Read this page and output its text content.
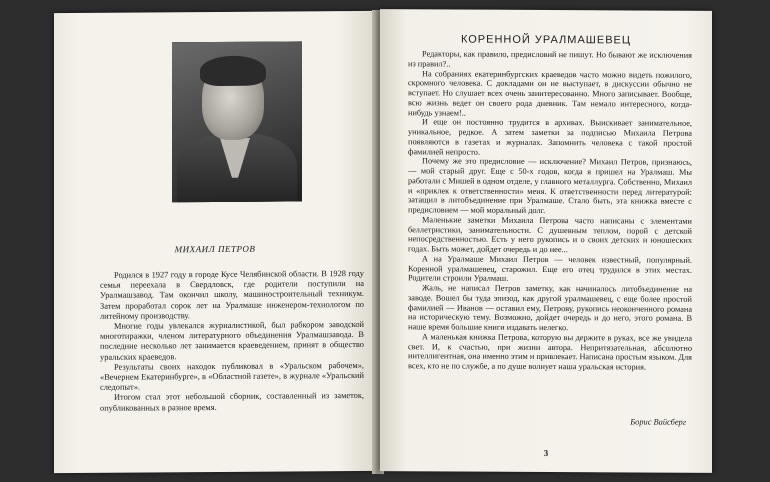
МИХАИЛ ПЕТРОВ

Родился в 1927 году в городе Кусе Челябинской области. В 1928 году семья переехала в Свердловск, где родители поступили на Уралмашзавод. Там окончил школу, машиностроительный техникум. Затем проработал сорок лет на Уралмаше инженером-технологом по литейному производству.

Многие годы увлекался журналистикой, был рабкором заводской многотиражки, членом литературного объединения Уралмашзавода. В последние несколько лет занимается краеведением, принят в общество уральских краеведов.

Результаты своих находок публиковал в «Уральском рабочем», «Вечернем Екатеринбурге», в «Областной газете», в журнале «Уральский следопыт».

Итогом стал этот небольшой сборник, составленный из заметок, опубликованных в разное время.

КОРЕННОЙ УРАЛМАШЕВЕЦ

Редакторы, как правило, предисловий не пишут. Но бывают же исключения из правил?..

На собраниях екатеринбургских краеведов часто можно видеть пожилого, скромного человека. С докладами он не выступает, в дискуссии обычно не вступает. Но слушает всех очень заинтересованно. Много записывает. Вообще, всю жизнь ведет он своего рода дневник. Там немало интересного, когда-нибудь узнаем!..

И еще он постоянно трудится в архивах. Выискивает занимательное, уникальное, редкое. А затем заметки за подписью Михаила Петрова появляются в газетах и журналах. Запомнить человека с такой простой фамилией непросто.

Почему же это предисловие — исключение? Михаил Петров, признаюсь, — мой старый друг. Еще с 50-х годов, когда я пришел на Уралмаш. Мы работали с Мишей в одном отделе, у главного металлурга. Собственно, Михаил и «приклек к ответственности» меня. К ответственности перед литературой: затащил в литобъединение при Уралмаше. Стало быть, эта книжка вместе с предисловием — мой моральный долг.

Маленькие заметки Михаила Петрова часто написаны с элементами беллетристики, занимательности. С душевным теплом, порой с детской непосредственностью. Есть у него рукопись и о своих детских и юношеских годах. Быть может, дойдет очередь и до нее...

А на Уралмаше Михаил Петров — человек известный, популярный. Коренной уралмашевец, старожил. Еще его отец трудился в этих местах. Родители строили Уралмаш.

Жаль, не написал Петров заметку, как начиналось литобъединение на заводе. Вошел бы туда эпизод, как другой уралмашевец, с еще более простой фамилией — Иванов — оставил ему, Петрову, рукопись неоконченного романа на историческую тему. Возможно, дойдет очередь и до него, этого романа. В наше время большие книги издавать нелегко.

А маленькая книжка Петрова, которую вы держите в руках, все же увидела свет. И, к счастью, при жизни автора. Непритязательная, абсолютно интеллигентная, она именно этим и привлекает. Написана простым языком. Для всех, кто не по службе, а по душе волнует наша уральская история.

Борис Вайсберг
3
